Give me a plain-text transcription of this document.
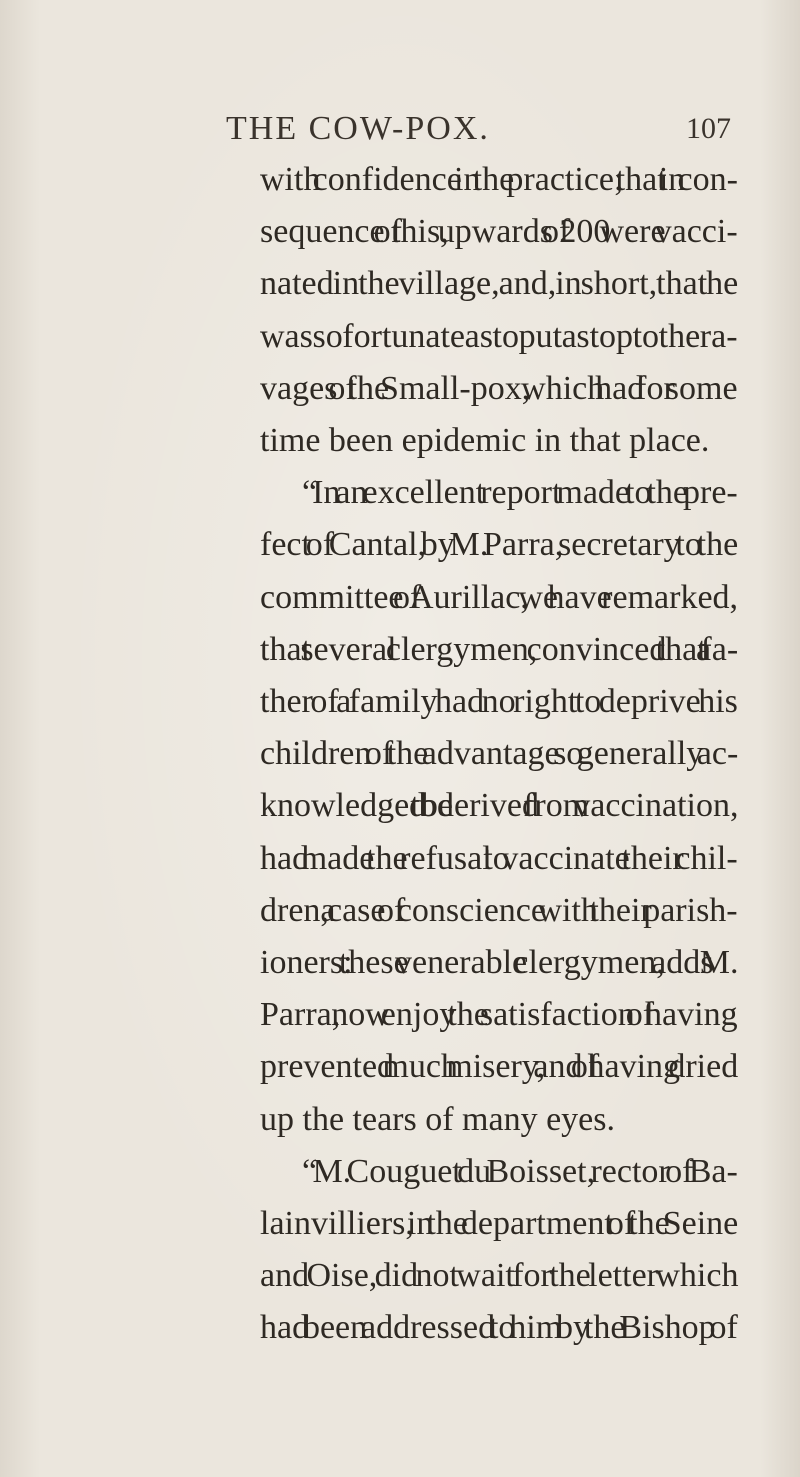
THE COW-POX.	107
with confidence in the practice; that in con-
sequence of this, upwards of 200 were vacci-
nated in the village, and, in short, that he
was so fortunate as to put a stop to the ra-
vages of the Small-pox, which had for some
time been epidemic in that place.
“ In an excellent report made to the pre-
fect of Cantal, by M. Parra, secretary to the
committee of Aurillac, we have remarked,
that several clergymen, convinced that a fa-
ther of a family had no right to deprive his
children of the advantage so generally ac-
knowledged to be derived from vaccination,
had made the refusal to vaccinate their chil-
dren, a case of conscience with their parish-
ioners: these venerable clergymen, adds M.
Parra, now enjoy the satisfaction of having
prevented much misery, and of having dried
up the tears of many eyes.
“ M. Couguet du Boisset, rector of Ba-
lainvilliers, in the department of the Seine
and Oise, did not wait for the letter which
had been addressed to him by the Bishop of
